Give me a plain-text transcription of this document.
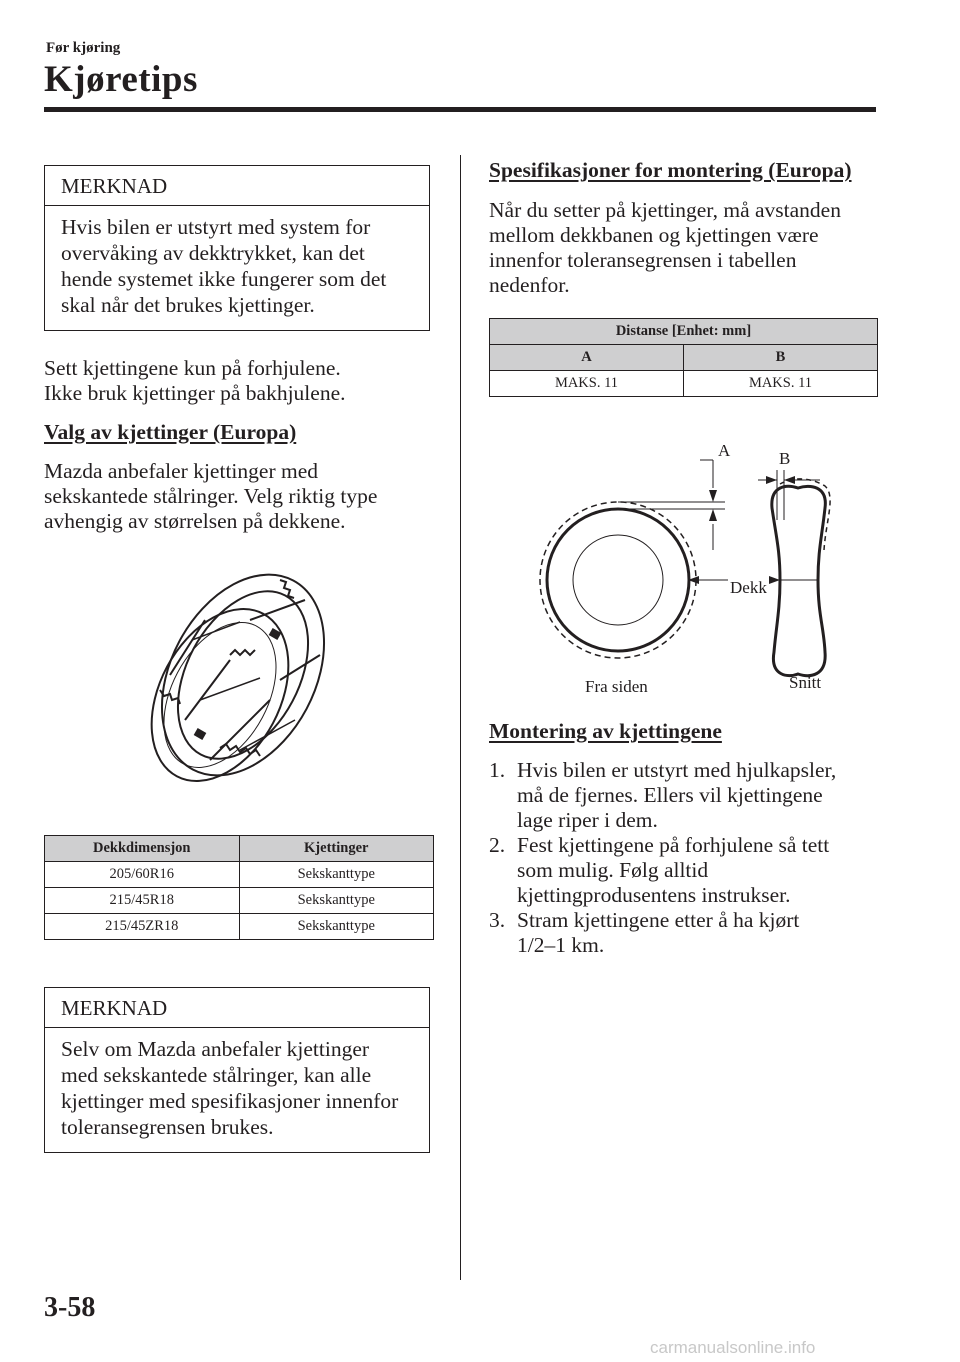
Før kjøring
Kjøretips
MERKNAD
Hvis bilen er utstyrt med system for
overvåking av dekktrykket, kan det
hende systemet ikke fungerer som det
skal når det brukes kjettinger.
Sett kjettingene kun på forhjulene.
Ikke bruk kjettinger på bakhjulene.
Valg av kjettinger (Europa)
Mazda anbefaler kjettinger med
sekskantede stålringer. Velg riktig type
avhengig av størrelsen på dekkene.
Dekkdimensjon	Kjettinger
205/60R16	Sekskanttype
215/45R18	Sekskanttype
215/45ZR18	Sekskanttype
MERKNAD
Selv om Mazda anbefaler kjettinger
med sekskantede stålringer, kan alle
kjettinger med spesifikasjoner innenfor
toleransegrensen brukes.
Spesifikasjoner for montering (Europa)
Når du setter på kjettinger, må avstanden
mellom dekkbanen og kjettingen være
innenfor toleransegrensen i tabellen
nedenfor.
Distanse [Enhet: mm]	
A	B
MAKS. 11	MAKS. 11
A	B
Dekk
Fra siden	Snitt
Montering av kjettingene
1. Hvis bilen er utstyrt med hjulkapsler,
må de fjernes. Ellers vil kjettingene
lage riper i dem.
2. Fest kjettingene på forhjulene så tett
som mulig. Følg alltid
kjettingprodusentens instrukser.
3. Stram kjettingene etter å ha kjørt
1/2–1 km.
3-58
carmanualsonline.info
